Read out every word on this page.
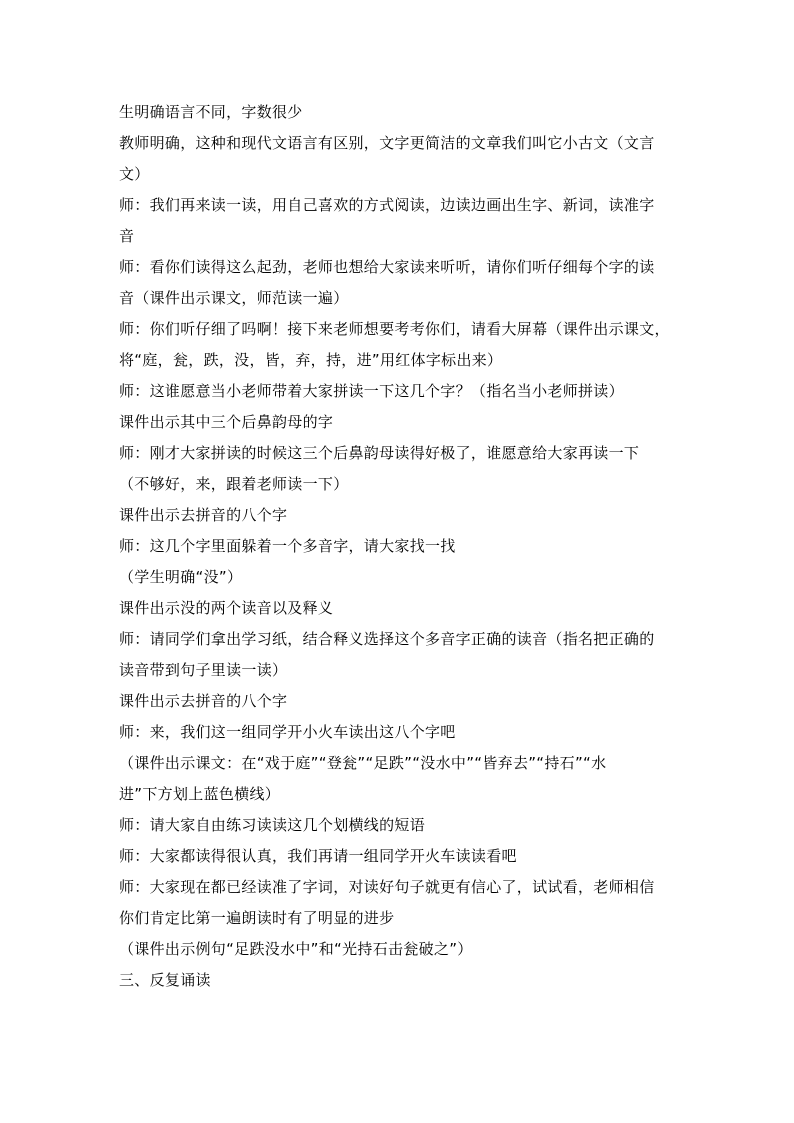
生明确语言不同，字数很少
教师明确，这种和现代文语言有区别，文字更简洁的文章我们叫它小古文（文言
文）
师：我们再来读一读，用自己喜欢的方式阅读，边读边画出生字、新词，读准字
音
师：看你们读得这么起劲，老师也想给大家读来听听，请你们听仔细每个字的读
音（课件出示课文，师范读一遍）
师：你们听仔细了吗啊！接下来老师想要考考你们，请看大屏幕（课件出示课文，
将“庭，瓮，跌，没，皆，弃，持，进”用红体字标出来）
师：这谁愿意当小老师带着大家拼读一下这几个字？（指名当小老师拼读）
课件出示其中三个后鼻韵母的字
师：刚才大家拼读的时候这三个后鼻韵母读得好极了，谁愿意给大家再读一下
（不够好，来，跟着老师读一下）
课件出示去拼音的八个字
师：这几个字里面躲着一个多音字，请大家找一找
（学生明确“没”）
课件出示没的两个读音以及释义
师：请同学们拿出学习纸，结合释义选择这个多音字正确的读音（指名把正确的
读音带到句子里读一读）
课件出示去拼音的八个字
师：来，我们这一组同学开小火车读出这八个字吧
（课件出示课文：在“戏于庭”“登瓮”“足跌”“没水中”“皆弃去”“持石”“水
进”下方划上蓝色横线）
师：请大家自由练习读读这几个划横线的短语
师：大家都读得很认真，我们再请一组同学开火车读读看吧
师：大家现在都已经读准了字词，对读好句子就更有信心了，试试看，老师相信
你们肯定比第一遍朗读时有了明显的进步
（课件出示例句“足跌没水中”和“光持石击瓮破之”）
三、反复诵读
